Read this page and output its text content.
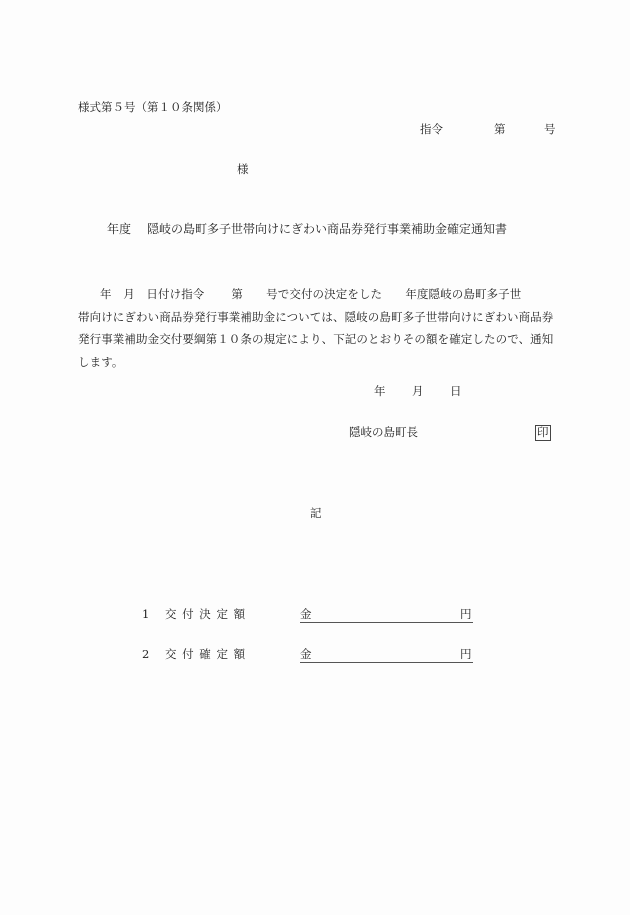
様式第５号（第１０条関係）
指令	第	号
様
年度 隠岐の島町多子世帯向けにぎわい商品券発行事業補助金確定通知書
年　月　日付け指令　　 第　　号で交付の決定をした　　年度隠岐の島町多子世
帯向けにぎわい商品券発行事業補助金については、隠岐の島町多子世帯向けにぎわい商品券発行事業補助金交付要綱第１０条の規定により、下記のとおりその額を確定したので、通知します。
年 月 日
隠岐の島町長	印
記
1 交 付 決 定 額	金	円
2 交 付 確 定 額	金	円
